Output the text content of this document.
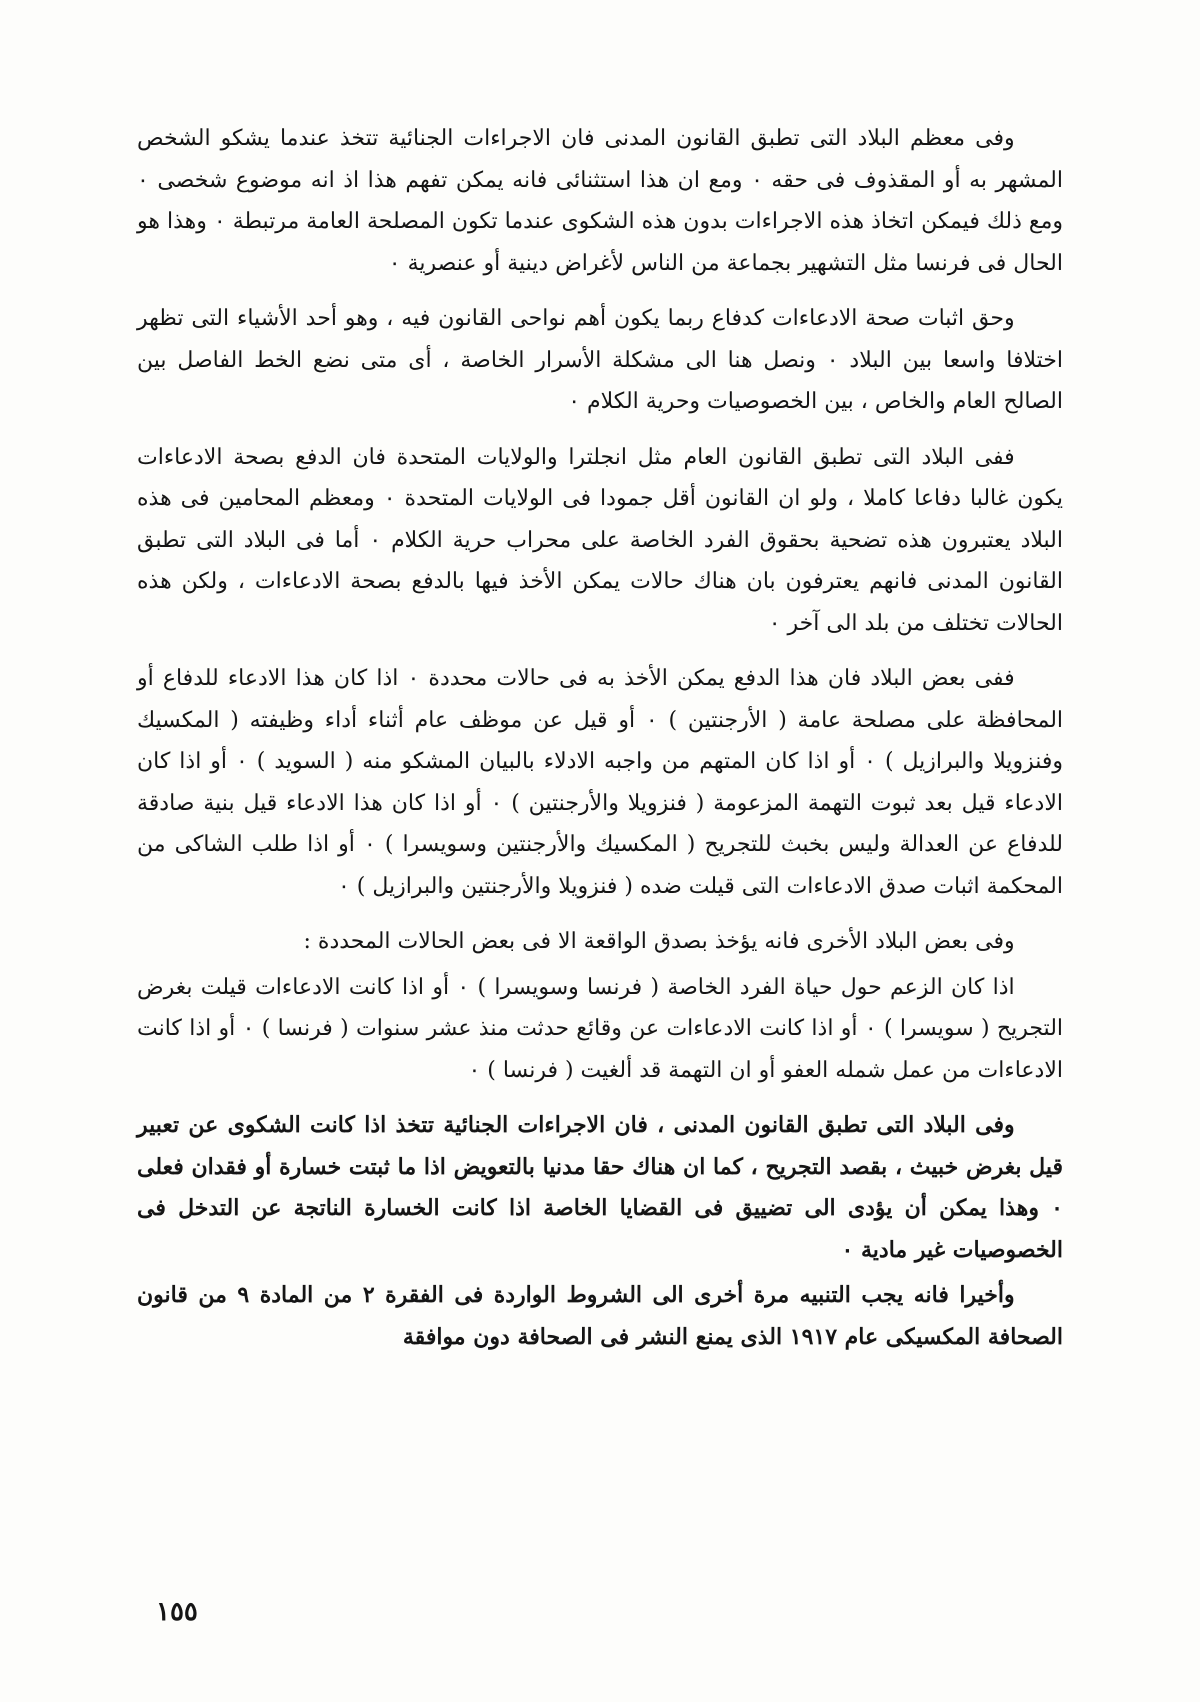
وفى معظم البلاد التى تطبق القانون المدنى فان الاجراءات الجنائية تتخذ عندما يشكو الشخص المشهر به أو المقذوف فى حقه ٠ ومع ان هذا استثنائى فانه يمكن تفهم هذا اذ انه موضوع شخصى ٠ ومع ذلك فيمكن اتخاذ هذه الاجراءات بدون هذه الشكوى عندما تكون المصلحة العامة مرتبطة ٠ وهذا هو الحال فى فرنسا مثل التشهير بجماعة من الناس لأغراض دينية أو عنصرية ٠

وحق اثبات صحة الادعاءات كدفاع ربما يكون أهم نواحى القانون فيه ، وهو أحد الأشياء التى تظهر اختلافا واسعا بين البلاد ٠ ونصل هنا الى مشكلة الأسرار الخاصة ، أى متى نضع الخط الفاصل بين الصالح العام والخاص ، بين الخصوصيات وحرية الكلام ٠

ففى البلاد التى تطبق القانون العام مثل انجلترا والولايات المتحدة فان الدفع بصحة الادعاءات يكون غالبا دفاعا كاملا ، ولو ان القانون أقل جمودا فى الولايات المتحدة ٠ ومعظم المحامين فى هذه البلاد يعتبرون هذه تضحية بحقوق الفرد الخاصة على محراب حرية الكلام ٠ أما فى البلاد التى تطبق القانون المدنى فانهم يعترفون بان هناك حالات يمكن الأخذ فيها بالدفع بصحة الادعاءات ، ولكن هذه الحالات تختلف من بلد الى آخر ٠

ففى بعض البلاد فان هذا الدفع يمكن الأخذ به فى حالات محددة ٠ اذا كان هذا الادعاء للدفاع أو المحافظة على مصلحة عامة ( الأرجنتين ) ٠ أو قيل عن موظف عام أثناء أداء وظيفته ( المكسيك وفنزويلا والبرازيل ) ٠ أو اذا كان المتهم من واجبه الادلاء بالبيان المشكو منه ( السويد ) ٠ أو اذا كان الادعاء قيل بعد ثبوت التهمة المزعومة ( فنزويلا والأرجنتين ) ٠ أو اذا كان هذا الادعاء قيل بنية صادقة للدفاع عن العدالة وليس بخبث للتجريح ( المكسيك والأرجنتين وسويسرا ) ٠ أو اذا طلب الشاكى من المحكمة اثبات صدق الادعاءات التى قيلت ضده ( فنزويلا والأرجنتين والبرازيل ) ٠

وفى بعض البلاد الأخرى فانه يؤخذ بصدق الواقعة الا فى بعض الحالات المحددة :

اذا كان الزعم حول حياة الفرد الخاصة ( فرنسا وسويسرا ) ٠ أو اذا كانت الادعاءات قيلت بغرض التجريح ( سويسرا ) ٠ أو اذا كانت الادعاءات عن وقائع حدثت منذ عشر سنوات ( فرنسا ) ٠ أو اذا كانت الادعاءات من عمل شمله العفو أو ان التهمة قد ألغيت ( فرنسا ) ٠

وفى البلاد التى تطبق القانون المدنى ، فان الاجراءات الجنائية تتخذ اذا كانت الشكوى عن تعبير قيل بغرض خبيث ، بقصد التجريح ، كما ان هناك حقا مدنيا بالتعويض اذا ما ثبتت خسارة أو فقدان فعلى ٠ وهذا يمكن أن يؤدى الى تضييق فى القضايا الخاصة اذا كانت الخسارة الناتجة عن التدخل فى الخصوصيات غير مادية ٠

وأخيرا فانه يجب التنبيه مرة أخرى الى الشروط الواردة فى الفقرة ٢ من المادة ٩ من قانون الصحافة المكسيكى عام ١٩١٧ الذى يمنع النشر فى الصحافة دون موافقة

١٥٥
